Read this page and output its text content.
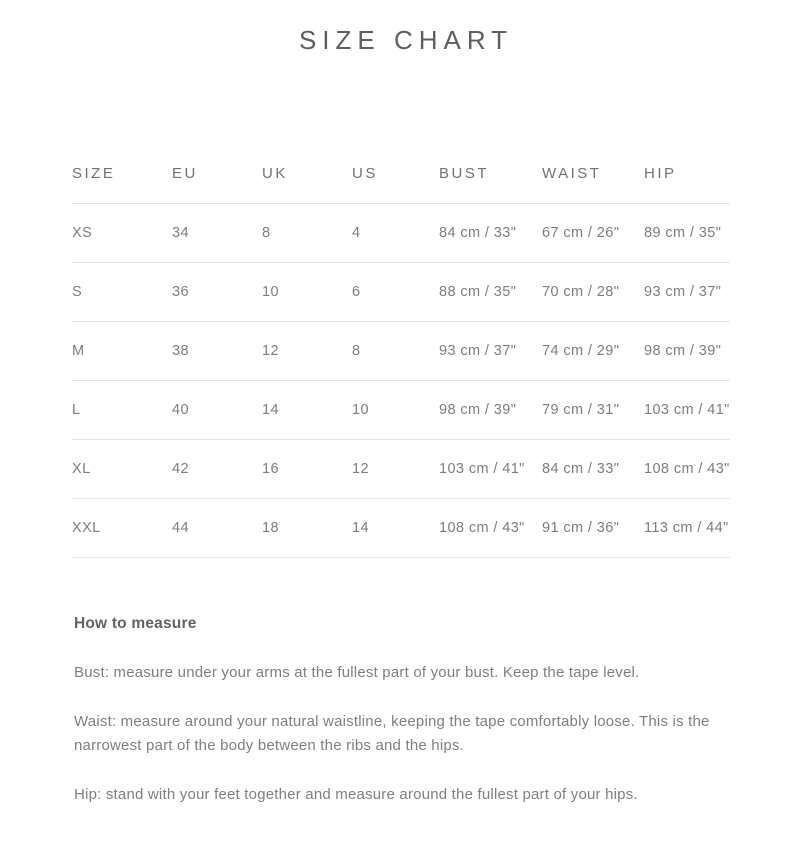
SIZE CHART
SIZE	EU	UK	US	BUST	WAIST	HIP
XS	34	8	4	84 cm / 33"	67 cm / 26"	89 cm / 35"
S	36	10	6	88 cm / 35"	70 cm / 28"	93 cm / 37"
M	38	12	8	93 cm / 37"	74 cm / 29"	98 cm / 39"
L	40	14	10	98 cm / 39"	79 cm / 31"	103 cm / 41"
XL	42	16	12	103 cm / 41"	84 cm / 33"	108 cm / 43"
XXL	44	18	14	108 cm / 43"	91 cm / 36"	113 cm / 44"
How to measure

Bust: measure under your arms at the fullest part of your bust. Keep the tape level.

Waist: measure around your natural waistline, keeping the tape comfortably loose. This is the narrowest part of the body between the ribs and the hips.

Hip: stand with your feet together and measure around the fullest part of your hips.
